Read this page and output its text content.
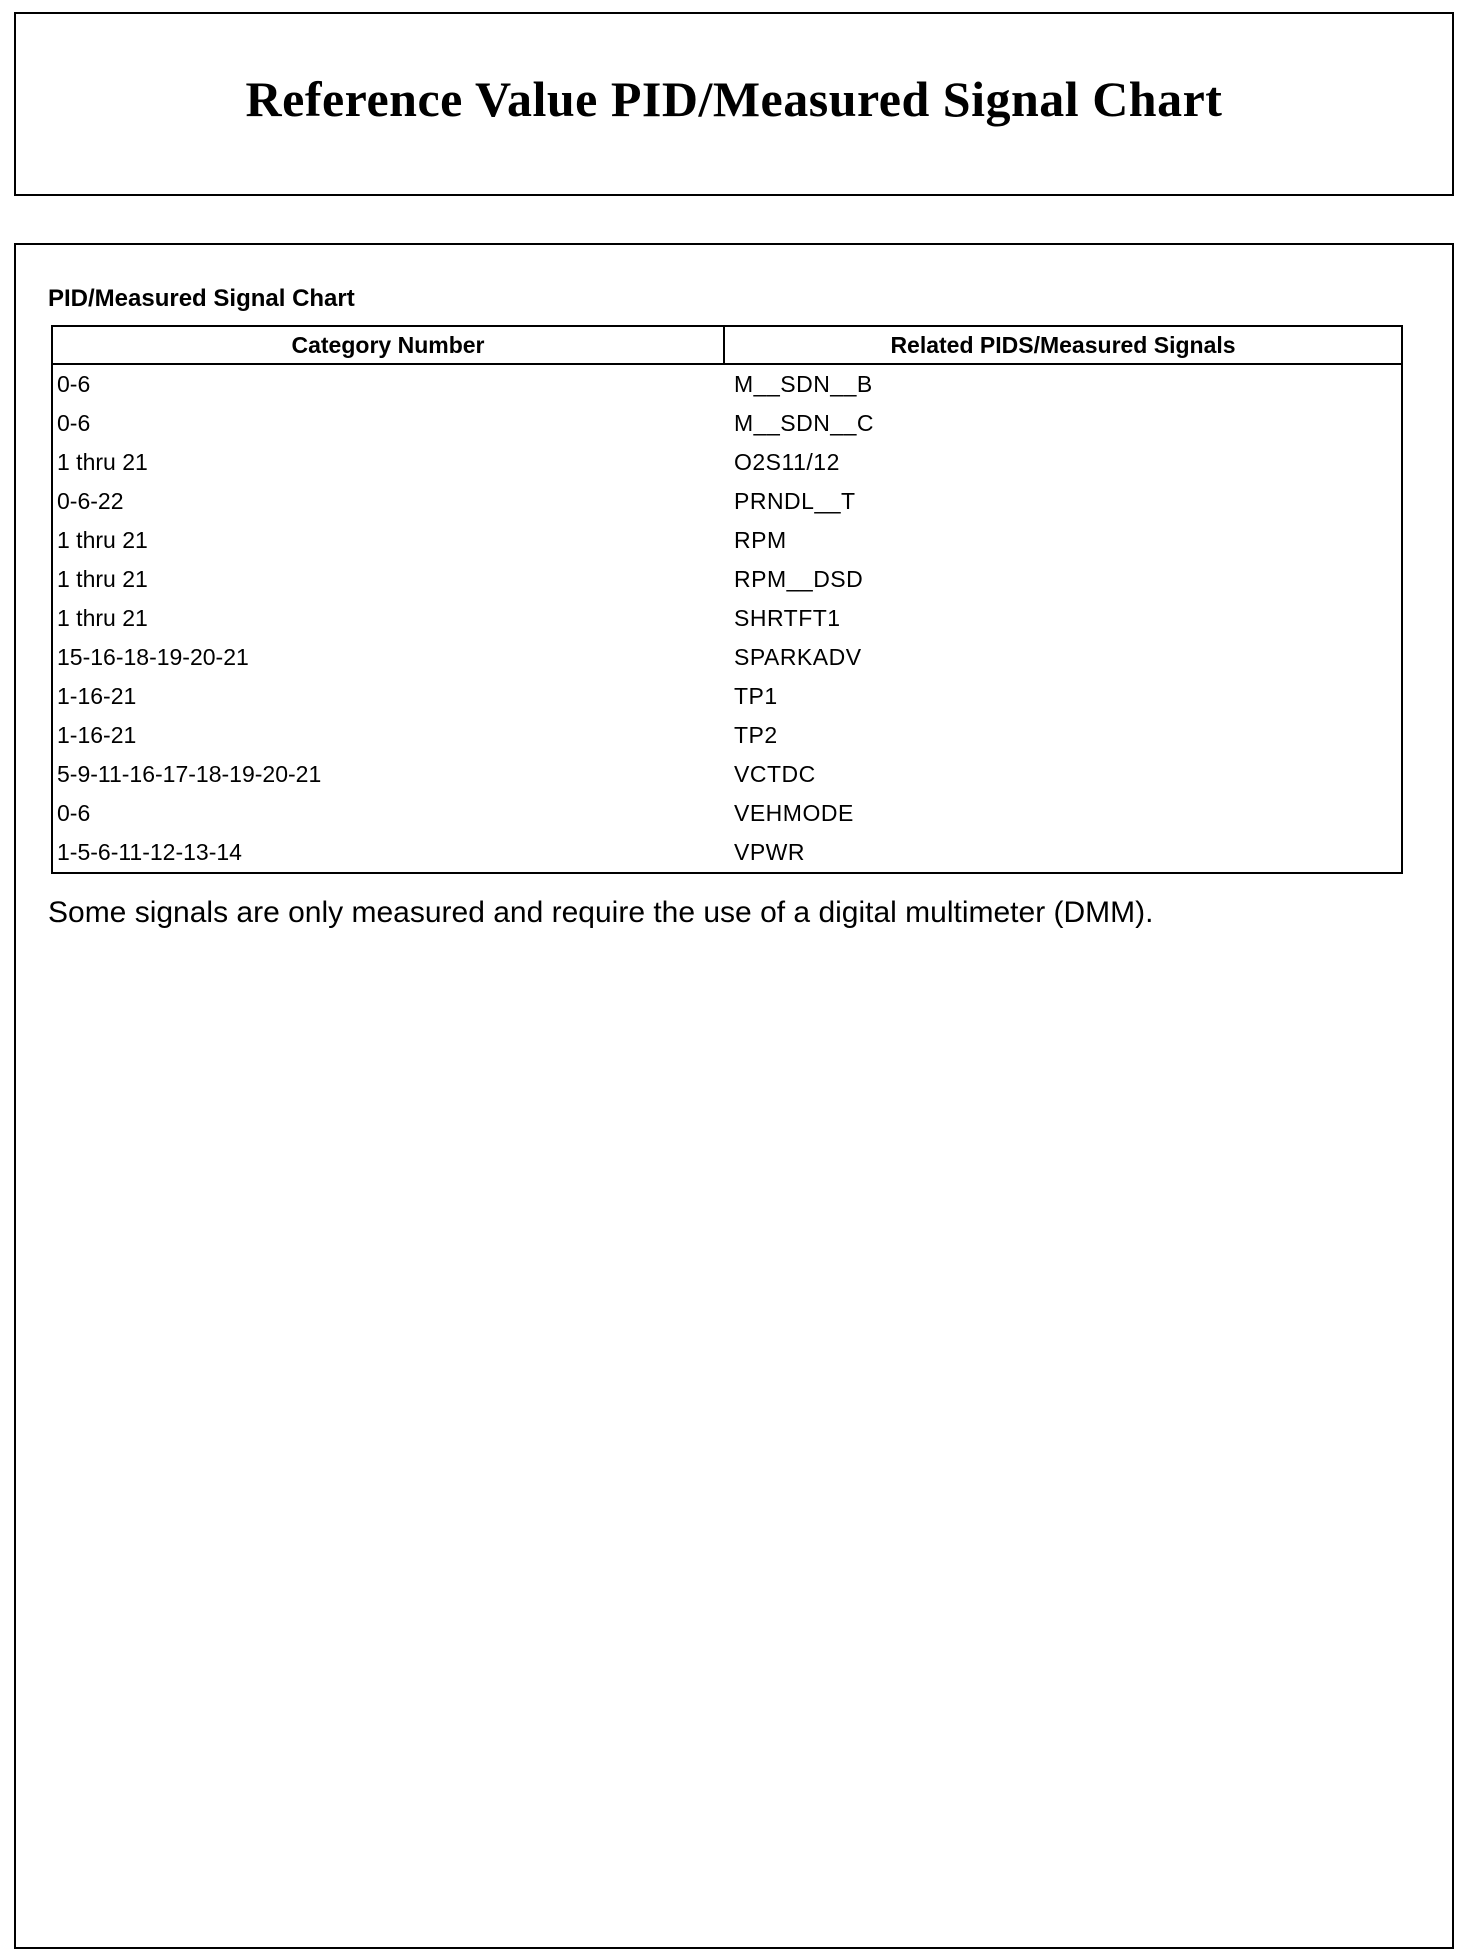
Reference Value PID/Measured Signal Chart
PID/Measured Signal Chart
Category Number	Related PIDS/Measured Signals
0-6	M__SDN__B
0-6	M__SDN__C
1 thru 21	O2S11/12
0-6-22	PRNDL__T
1 thru 21	RPM
1 thru 21	RPM__DSD
1 thru 21	SHRTFT1
15-16-18-19-20-21	SPARKADV
1-16-21	TP1
1-16-21	TP2
5-9-11-16-17-18-19-20-21	VCTDC
0-6	VEHMODE
1-5-6-11-12-13-14	VPWR

Some signals are only measured and require the use of a digital multimeter (DMM).
